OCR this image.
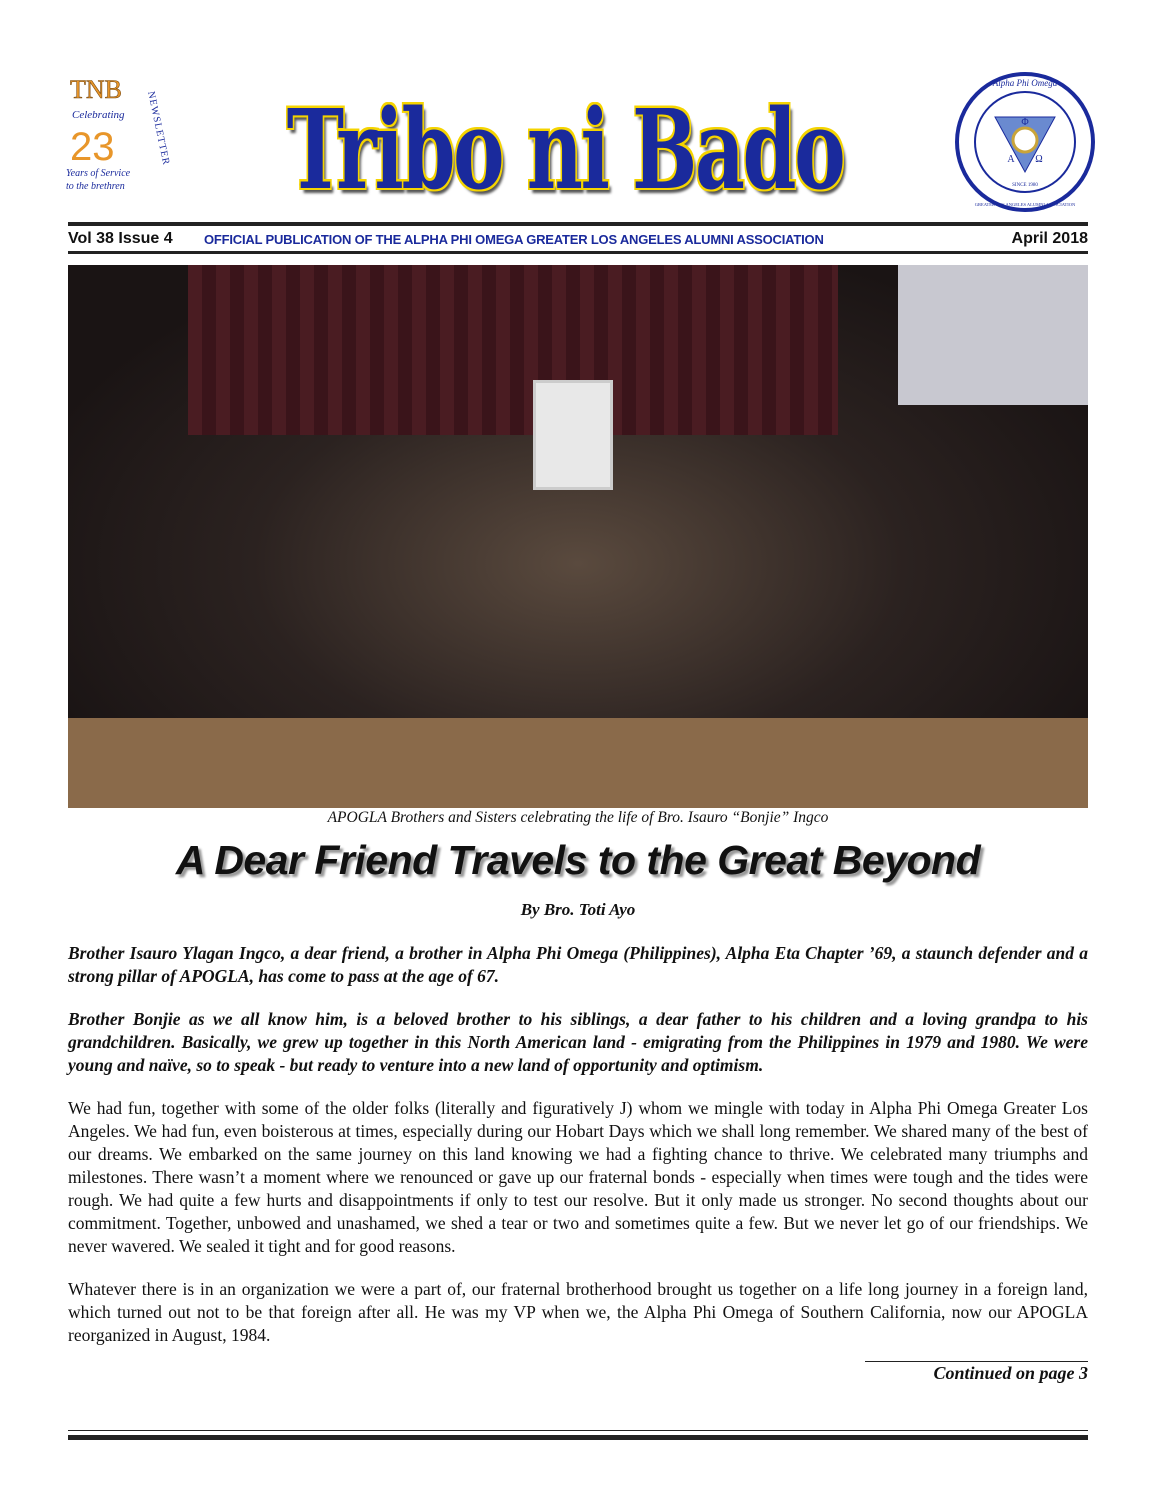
TNB
Celebrating
23
Years of Service
to the brethren
NEWSLETTER
Alpha Phi Omega
GREATER LOS ANGELES ALUMNI ASSOCIATION
SINCE 1980
Φ
Α Ω
Tribo ni Bado
Vol 38 Issue 4	OFFICIAL PUBLICATION OF THE ALPHA PHI OMEGA GREATER LOS ANGELES ALUMNI ASSOCIATION	April 2018
APOGLA Brothers and Sisters celebrating the life of Bro. Isauro “Bonjie” Ingco
A Dear Friend Travels to the Great Beyond
By Bro. Toti Ayo

Brother Isauro Ylagan Ingco, a dear friend, a brother in Alpha Phi Omega (Philippines), Alpha Eta Chapter ’69, a staunch defender and a strong pillar of APOGLA, has come to pass at the age of 67.

Brother Bonjie as we all know him, is a beloved brother to his siblings, a dear father to his children and a loving grandpa to his grandchildren. Basically, we grew up together in this North American land - emigrating from the Philippines in 1979 and 1980. We were young and naïve, so to speak - but ready to venture into a new land of opportunity and optimism.

We had fun, together with some of the older folks (literally and figuratively J) whom we mingle with today in Alpha Phi Omega Greater Los Angeles. We had fun, even boisterous at times, especially during our Hobart Days which we shall long remember. We shared many of the best of our dreams. We embarked on the same journey on this land knowing we had a fighting chance to thrive. We celebrated many triumphs and milestones. There wasn’t a moment where we renounced or gave up our fraternal bonds - especially when times were tough and the tides were rough. We had quite a few hurts and disappointments if only to test our resolve. But it only made us stronger. No second thoughts about our commitment. Together, unbowed and unashamed, we shed a tear or two and sometimes quite a few. But we never let go of our friendships. We never wavered. We sealed it tight and for good reasons.

Whatever there is in an organization we were a part of, our fraternal brotherhood brought us together on a life long journey in a foreign land, which turned out not to be that foreign after all. He was my VP when we, the Alpha Phi Omega of Southern California, now our APOGLA reorganized in August, 1984.

Continued on page 3
